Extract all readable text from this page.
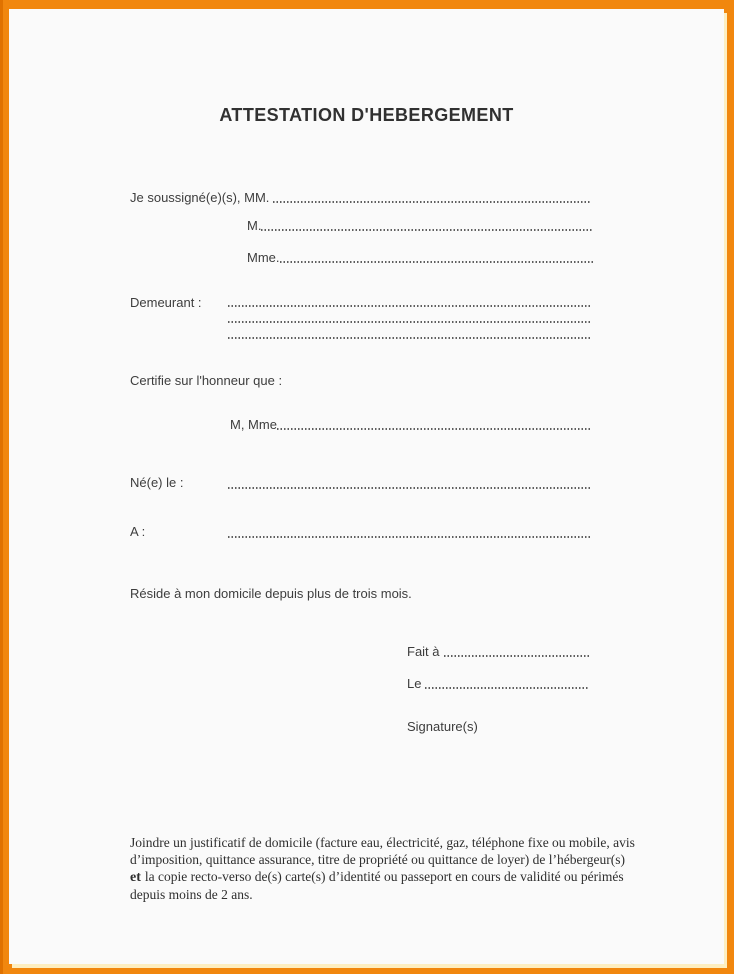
ATTESTATION D'HEBERGEMENT
Je soussigné(e)(s), MM.
M.
Mme.
Demeurant :
Certifie sur l'honneur que :
M, Mme
Né(e) le :
A :
Réside à mon domicile depuis plus de trois mois.
Fait à
Le
Signature(s)
Joindre un justificatif de domicile (facture eau, électricité, gaz, téléphone fixe ou mobile, avis
d’imposition, quittance assurance, titre de propriété ou quittance de loyer) de l’hébergeur(s)
et la copie recto-verso de(s) carte(s) d’identité ou passeport en cours de validité ou périmés
depuis moins de 2 ans.
